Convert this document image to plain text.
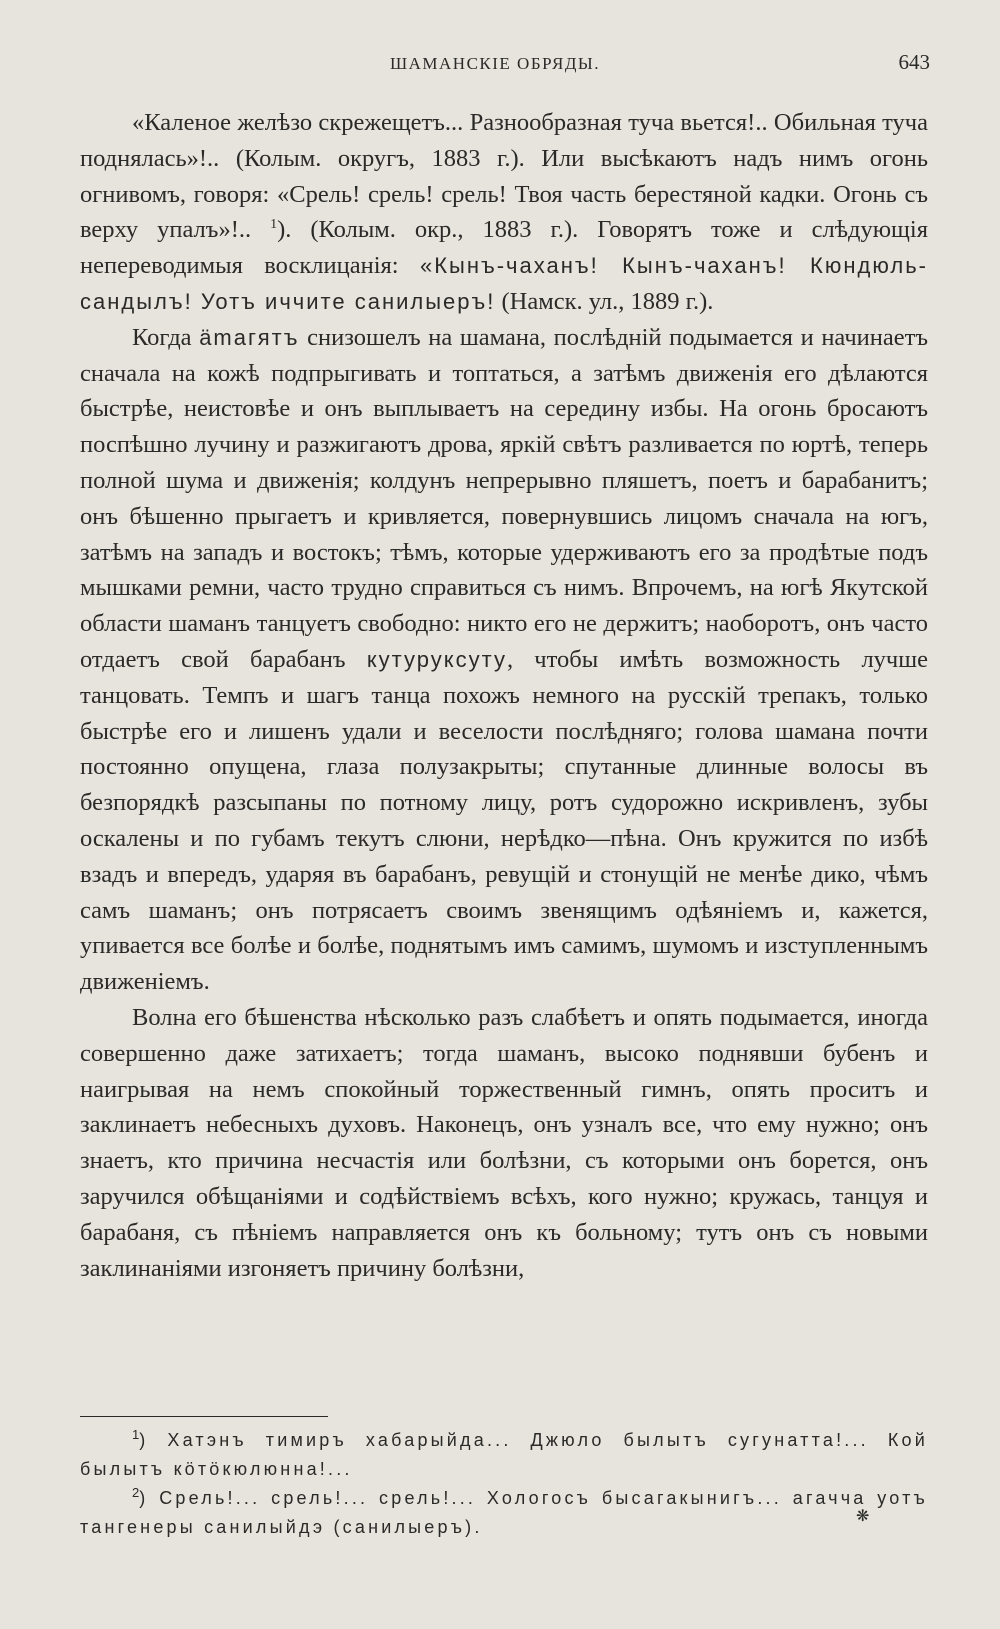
ШАМАНСКІЕ ОБРЯДЫ.	643

«Каленое желѣзо скрежещетъ... Разнообразная туча вьется!.. Обильная туча поднялась»!.. (Колым. округъ, 1883 г.). Или высѣкаютъ надъ нимъ огонь огнивомъ, говоря: «Срель! срель! срель! Твоя часть берестяной кадки. Огонь съ верху упалъ»!.. $^1$). (Колым. окр., 1883 г.). Говорятъ тоже и слѣдующія непереводимыя восклицанія: «Кынъ-чаханъ! Кынъ-чаханъ! Кюндюль-сандылъ! Уотъ иччите санилыеръ! (Намск. ул., 1889 г.).

Когда ämагятъ снизошелъ на шамана, послѣдній подымается и начинаетъ сначала на кожѣ подпрыгивать и топтаться, а затѣмъ движенія его дѣлаются быстрѣе, неистовѣе и онъ выплываетъ на середину избы. На огонь бросаютъ поспѣшно лучину и разжигаютъ дрова, яркій свѣтъ разливается по юртѣ, теперь полной шума и движенія; колдунъ непрерывно пляшетъ, поетъ и барабанитъ; онъ бѣшенно прыгаетъ и кривляется, повернувшись лицомъ сначала на югъ, затѣмъ на западъ и востокъ; тѣмъ, которые удерживаютъ его за продѣтые подъ мышками ремни, часто трудно справиться съ нимъ. Впрочемъ, на югѣ Якутской области шаманъ танцуетъ свободно: никто его не держитъ; наоборотъ, онъ часто отдаетъ свой барабанъ кутуруксуту, чтобы имѣть возможность лучше танцовать. Темпъ и шагъ танца похожъ немного на русскій трепакъ, только быстрѣе его и лишенъ удали и веселости послѣдняго; голова шамана почти постоянно опущена, глаза полузакрыты; спутанные длинные волосы въ безпорядкѣ разсыпаны по потному лицу, ротъ судорожно искривленъ, зубы оскалены и по губамъ текутъ слюни, нерѣдко—пѣна. Онъ кружится по избѣ взадъ и впередъ, ударяя въ барабанъ, ревущій и стонущій не менѣе дико, чѣмъ самъ шаманъ; онъ потрясаетъ своимъ звенящимъ одѣяніемъ и, кажется, упивается все болѣе и болѣе, поднятымъ имъ самимъ, шумомъ и изступленнымъ движеніемъ.

Волна его бѣшенства нѣсколько разъ слабѣетъ и опять подымается, иногда совершенно даже затихаетъ; тогда шаманъ, высоко поднявши бубенъ и наигрывая на немъ спокойный торжественный гимнъ, опять проситъ и заклинаетъ небесныхъ духовъ. Наконецъ, онъ узналъ все, что ему нужно; онъ знаетъ, кто причина несчастія или болѣзни, съ которыми онъ борется, онъ заручился обѣщаніями и содѣйствіемъ всѣхъ, кого нужно; кружась, танцуя и барабаня, съ пѣніемъ направляется онъ къ больному; тутъ онъ съ новыми заклинаніями изгоняетъ причину болѣзни,

$^1$) Хатэнъ тимиръ хабарыйда... Джюло былытъ сугунатта!... Кой былытъ кöтöкюлюнна!...

$^2$) Срель!... срель!... срель!... Хологосъ бысагакынигъ... агачча уотъ тангенеры санилыйдэ (санилыеръ).

❋
